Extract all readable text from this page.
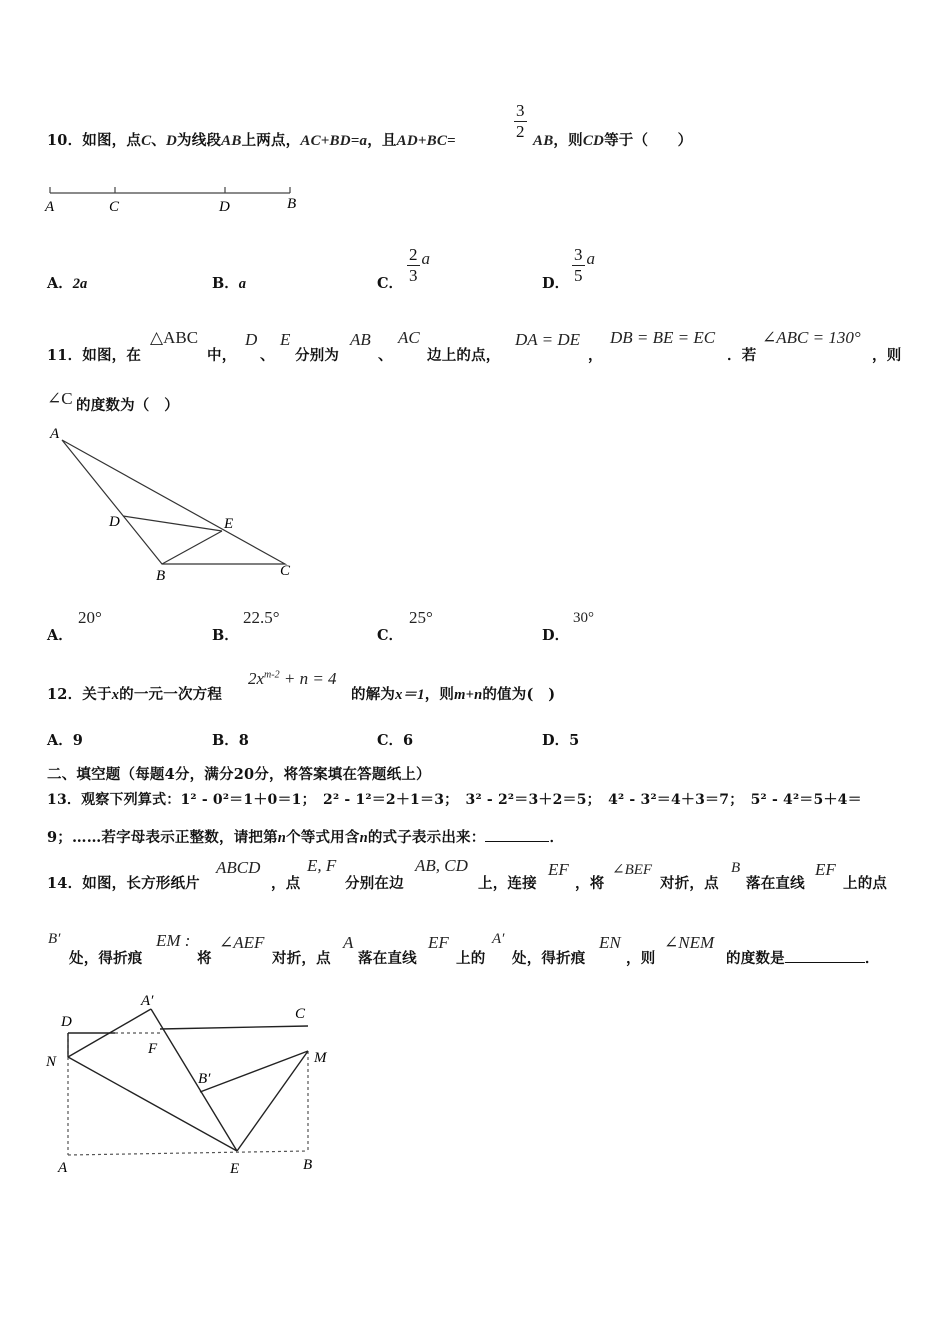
10．如图，点C、D为线段AB上两点，AC+BD=a，且AD+BC=	$\frac{3}{2}$ AB，则CD等于（　　）
A	C	D	B
A．2a	B．a	C． $\frac{2}{3}$ a
D． $\frac{3}{5}$ a
11．如图，在
△ABC
中，
D
、
E
分别为
AB
、
AC
边上的点，
DA = DE
，
DB = BE = EC
．若
∠ABC = 130°
，则
∠C 的度数为（　）
A
D	E
B	C
A．
20°
B．
22.5°
C．
25°
D．
30°
12．关于x的一元一次方程
$2x^{m-2} + n = 4$
的解为x＝1，则m+n的值为(　)
A．9	B．8	C．6	D．5
二、填空题（每题4分，满分20分，将答案填在答题纸上）
13．观察下列算式：1² - 0²＝1＋0＝1；　2² - 1²＝2＋1＝3；　3² - 2²＝3＋2＝5；　4² - 3²＝4＋3＝7；　5² - 4²＝5＋4＝
9；……若字母表示正整数，请把第n个等式用含n的式子表示出来：	．
14．如图，长方形纸片
ABCD
，点
E, F
分别在边
AB, CD
上，连接
EF
，将
∠BEF
对折，点
B
落在直线
EF
上的点
B′
处，得折痕
EM :
将
∠AEF
对折，点
A
落在直线
EF
上的
A′
处，得折痕
EN
，则
∠NEM
的度数是	．
D
A′
C
F
N	M
B′
A	E	B
